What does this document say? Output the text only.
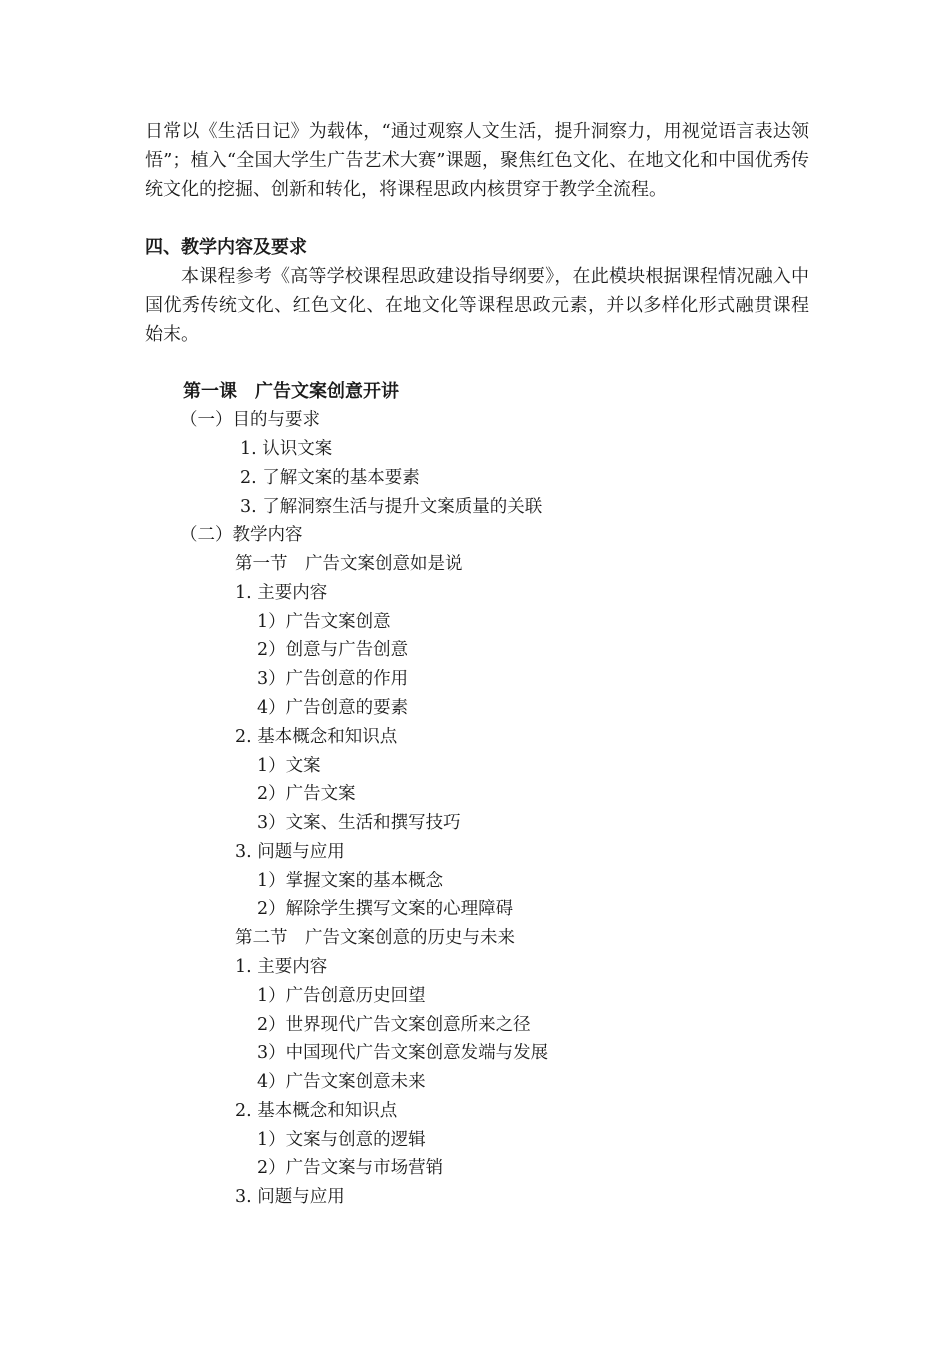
日常以《生活日记》为载体，“通过观察人文生活，提升洞察力，用视觉语言表达领悟”；植入“全国大学生广告艺术大赛”课题，聚焦红色文化、在地文化和中国优秀传统文化的挖掘、创新和转化，将课程思政内核贯穿于教学全流程。

四、教学内容及要求

本课程参考《高等学校课程思政建设指导纲要》，在此模块根据课程情况融入中国优秀传统文化、红色文化、在地文化等课程思政元素，并以多样化形式融贯课程始末。

第一课　广告文案创意开讲
（一）目的与要求
1. 认识文案
2. 了解文案的基本要素
3. 了解洞察生活与提升文案质量的关联
（二）教学内容
第一节　广告文案创意如是说
1. 主要内容
1）广告文案创意
2）创意与广告创意
3）广告创意的作用
4）广告创意的要素
2. 基本概念和知识点
1）文案
2）广告文案
3）文案、生活和撰写技巧
3. 问题与应用
1）掌握文案的基本概念
2）解除学生撰写文案的心理障碍
第二节　广告文案创意的历史与未来
1. 主要内容
1）广告创意历史回望
2）世界现代广告文案创意所来之径
3）中国现代广告文案创意发端与发展
4）广告文案创意未来
2. 基本概念和知识点
1）文案与创意的逻辑
2）广告文案与市场营销
3. 问题与应用
